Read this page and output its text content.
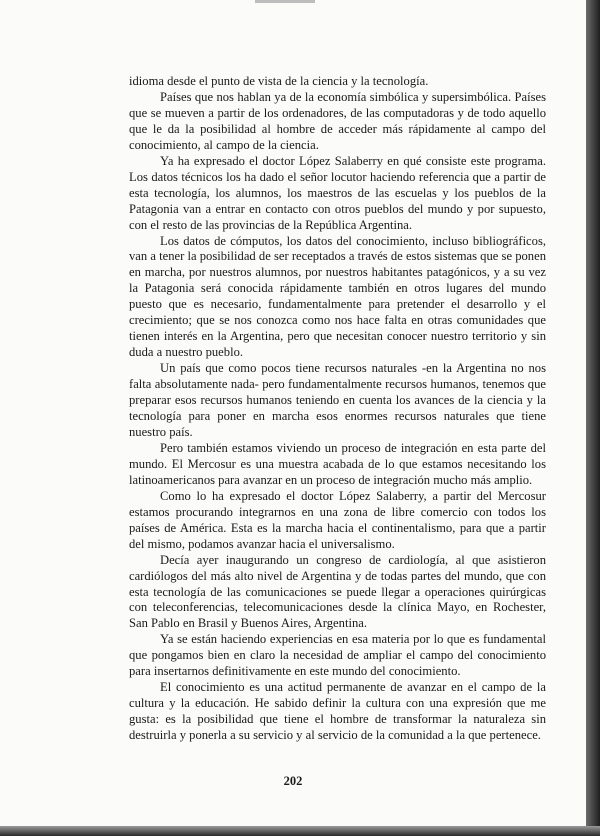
idioma desde el punto de vista de la ciencia y la tecnología.

Países que nos hablan ya de la economía simbólica y supersimbólica. Países que se mueven a partir de los ordenadores, de las computadoras y de todo aquello que le da la posibilidad al hombre de acceder más rápidamente al campo del conocimiento, al campo de la ciencia.

Ya ha expresado el doctor López Salaberry en qué consiste este programa. Los datos técnicos los ha dado el señor locutor haciendo referencia que a partir de esta tecnología, los alumnos, los maestros de las escuelas y los pueblos de la Patagonia van a entrar en contacto con otros pueblos del mundo y por supuesto, con el resto de las provincias de la República Argentina.

Los datos de cómputos, los datos del conocimiento, incluso bibliográficos, van a tener la posibilidad de ser receptados a través de estos sistemas que se ponen en marcha, por nuestros alumnos, por nuestros habitantes patagónicos, y a su vez la Patagonia será conocida rápidamente también en otros lugares del mundo puesto que es necesario, fundamentalmente para pretender el desarrollo y el crecimiento; que se nos conozca como nos hace falta en otras comunidades que tienen interés en la Argentina, pero que necesitan conocer nuestro territorio y sin duda a nuestro pueblo.

Un país que como pocos tiene recursos naturales -en la Argentina no nos falta absolutamente nada- pero fundamentalmente recursos humanos, tenemos que preparar esos recursos humanos teniendo en cuenta los avances de la ciencia y la tecnología para poner en marcha esos enormes recursos naturales que tiene nuestro país.

Pero también estamos viviendo un proceso de integración en esta parte del mundo. El Mercosur es una muestra acabada de lo que estamos necesitando los latinoamericanos para avanzar en un proceso de integración mucho más amplio.

Como lo ha expresado el doctor López Salaberry, a partir del Mercosur estamos procurando integrarnos en una zona de libre comercio con todos los países de América. Esta es la marcha hacia el continentalismo, para que a partir del mismo, podamos avanzar hacia el universalismo.

Decía ayer inaugurando un congreso de cardiología, al que asistieron cardiólogos del más alto nivel de Argentina y de todas partes del mundo, que con esta tecnología de las comunicaciones se puede llegar a operaciones quirúrgicas con teleconferencias, telecomunicaciones desde la clínica Mayo, en Rochester, San Pablo en Brasil y Buenos Aires, Argentina.

Ya se están haciendo experiencias en esa materia por lo que es fundamental que pongamos bien en claro la necesidad de ampliar el campo del conocimiento para insertarnos definitivamente en este mundo del conocimiento.

El conocimiento es una actitud permanente de avanzar en el campo de la cultura y la educación. He sabido definir la cultura con una expresión que me gusta: es la posibilidad que tiene el hombre de transformar la naturaleza sin destruirla y ponerla a su servicio y al servicio de la comunidad a la que pertenece.

202
